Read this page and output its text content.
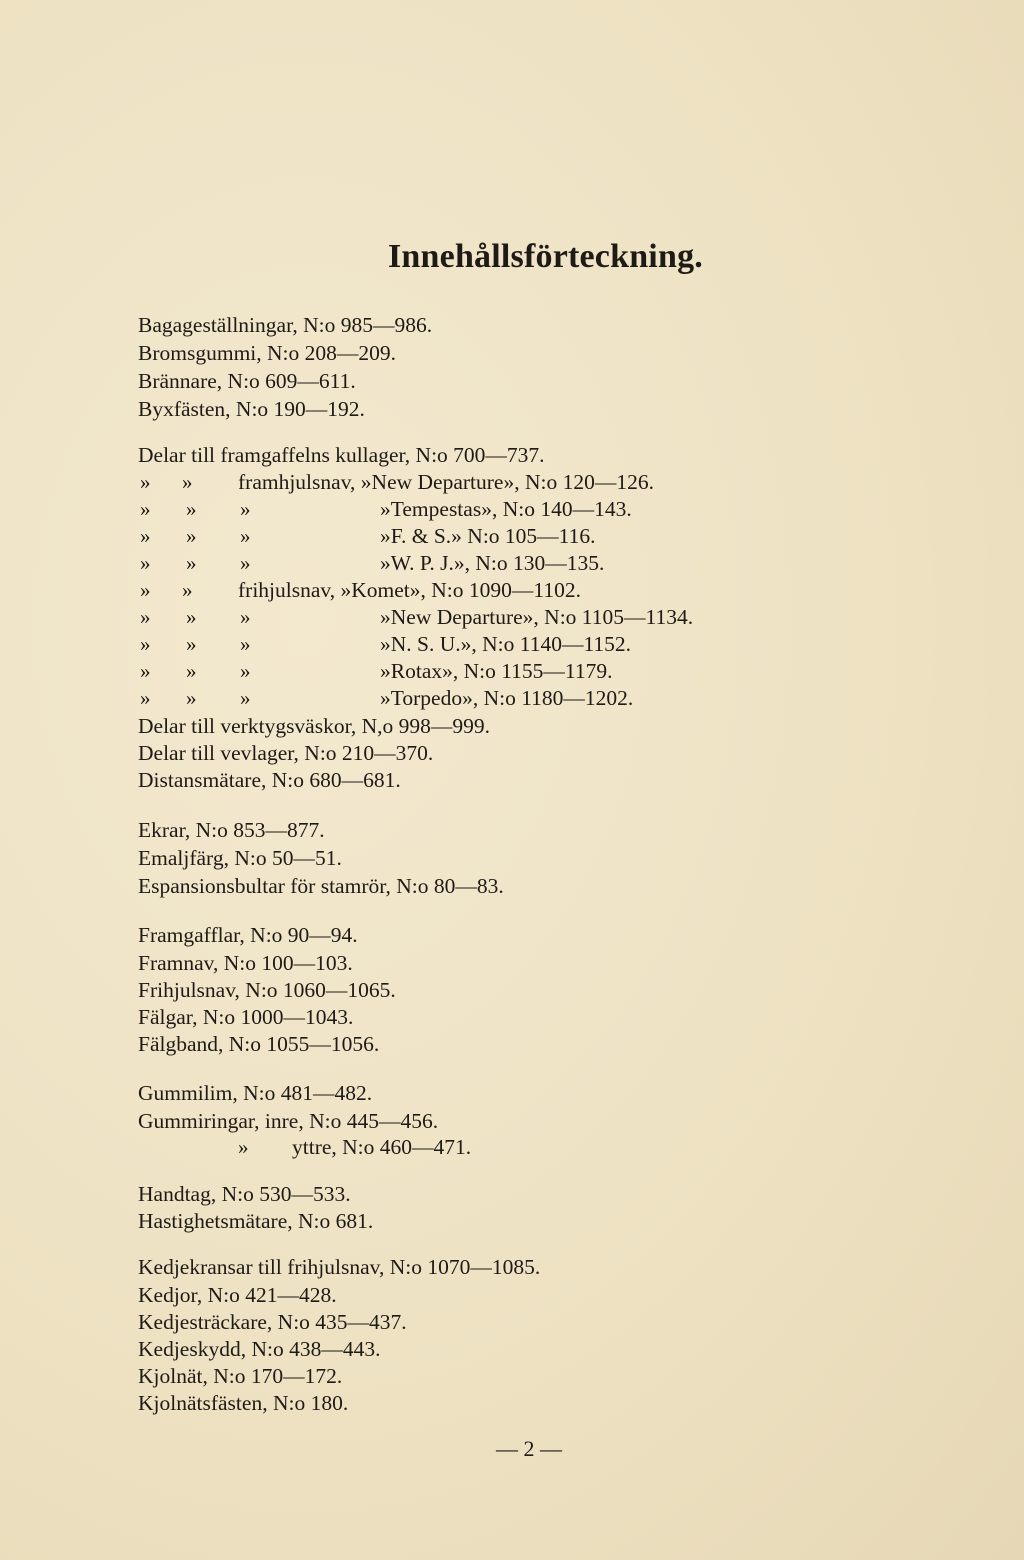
Innehållsförteckning.
Bagageställningar, N:o 985—986.
Bromsgummi, N:o 208—209.
Brännare, N:o 609—611.
Byxfästen, N:o 190—192.
Delar till framgaffelns kullager, N:o 700—737.
» » framhjulsnav, »New Departure», N:o 120—126.
» » »	»Tempestas», N:o 140—143.
» » »	»F. & S.» N:o 105—116.
» » »	»W. P. J.», N:o 130—135.
» » frihjulsnav, »Komet», N:o 1090—1102.
» » »	»New Departure», N:o 1105—1134.
» » »	»N. S. U.», N:o 1140—1152.
» » »	»Rotax», N:o 1155—1179.
» » »	»Torpedo», N:o 1180—1202.
Delar till verktygsväskor, N,o 998—999.
Delar till vevlager, N:o 210—370.
Distansmätare, N:o 680—681.
Ekrar, N:o 853—877.
Emaljfärg, N:o 50—51.
Espansionsbultar för stamrör, N:o 80—83.
Framgafflar, N:o 90—94.
Framnav, N:o 100—103.
Frihjulsnav, N:o 1060—1065.
Fälgar, N:o 1000—1043.
Fälgband, N:o 1055—1056.
Gummilim, N:o 481—482.
Gummiringar, inre, N:o 445—456.
» yttre, N:o 460—471.
Handtag, N:o 530—533.
Hastighetsmätare, N:o 681.
Kedjekransar till frihjulsnav, N:o 1070—1085.
Kedjor, N:o 421—428.
Kedjesträckare, N:o 435—437.
Kedjeskydd, N:o 438—443.
Kjolnät, N:o 170—172.
Kjolnätsfästen, N:o 180.
— 2 —
